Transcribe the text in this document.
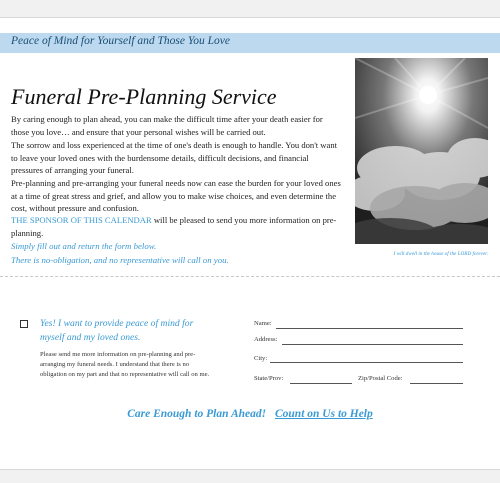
Peace of Mind for Yourself and Those You Love
Funeral Pre-Planning Service

By caring enough to plan ahead, you can make the difficult time after your death easier for those you love… and ensure that your personal wishes will be carried out.

The sorrow and loss experienced at the time of one's death is enough to handle. You don't want to leave your loved ones with the burdensome details, difficult decisions, and financial pressures of arranging your funeral.

Pre-planning and pre-arranging your funeral needs now can ease the burden for your loved ones at a time of great stress and grief, and allow you to make wise choices, and even determine the cost, without pressure and confusion.

THE SPONSOR OF THIS CALENDAR will be pleased to send you more information on pre-planning.

Simply fill out and return the form below.
There is no-obligation, and no representative will call on you.
I will dwell in the house of the LORD forever.
Yes! I want to provide peace of mind for myself and my loved ones.
Please send me more information on pre-planning and pre-arranging my funeral needs. I understand that there is no obligation on my part and that no representative will call on me.
Name:
Address:
City:
State/Prov:	Zip/Postal Code:
Care Enough to Plan Ahead! Count on Us to Help
